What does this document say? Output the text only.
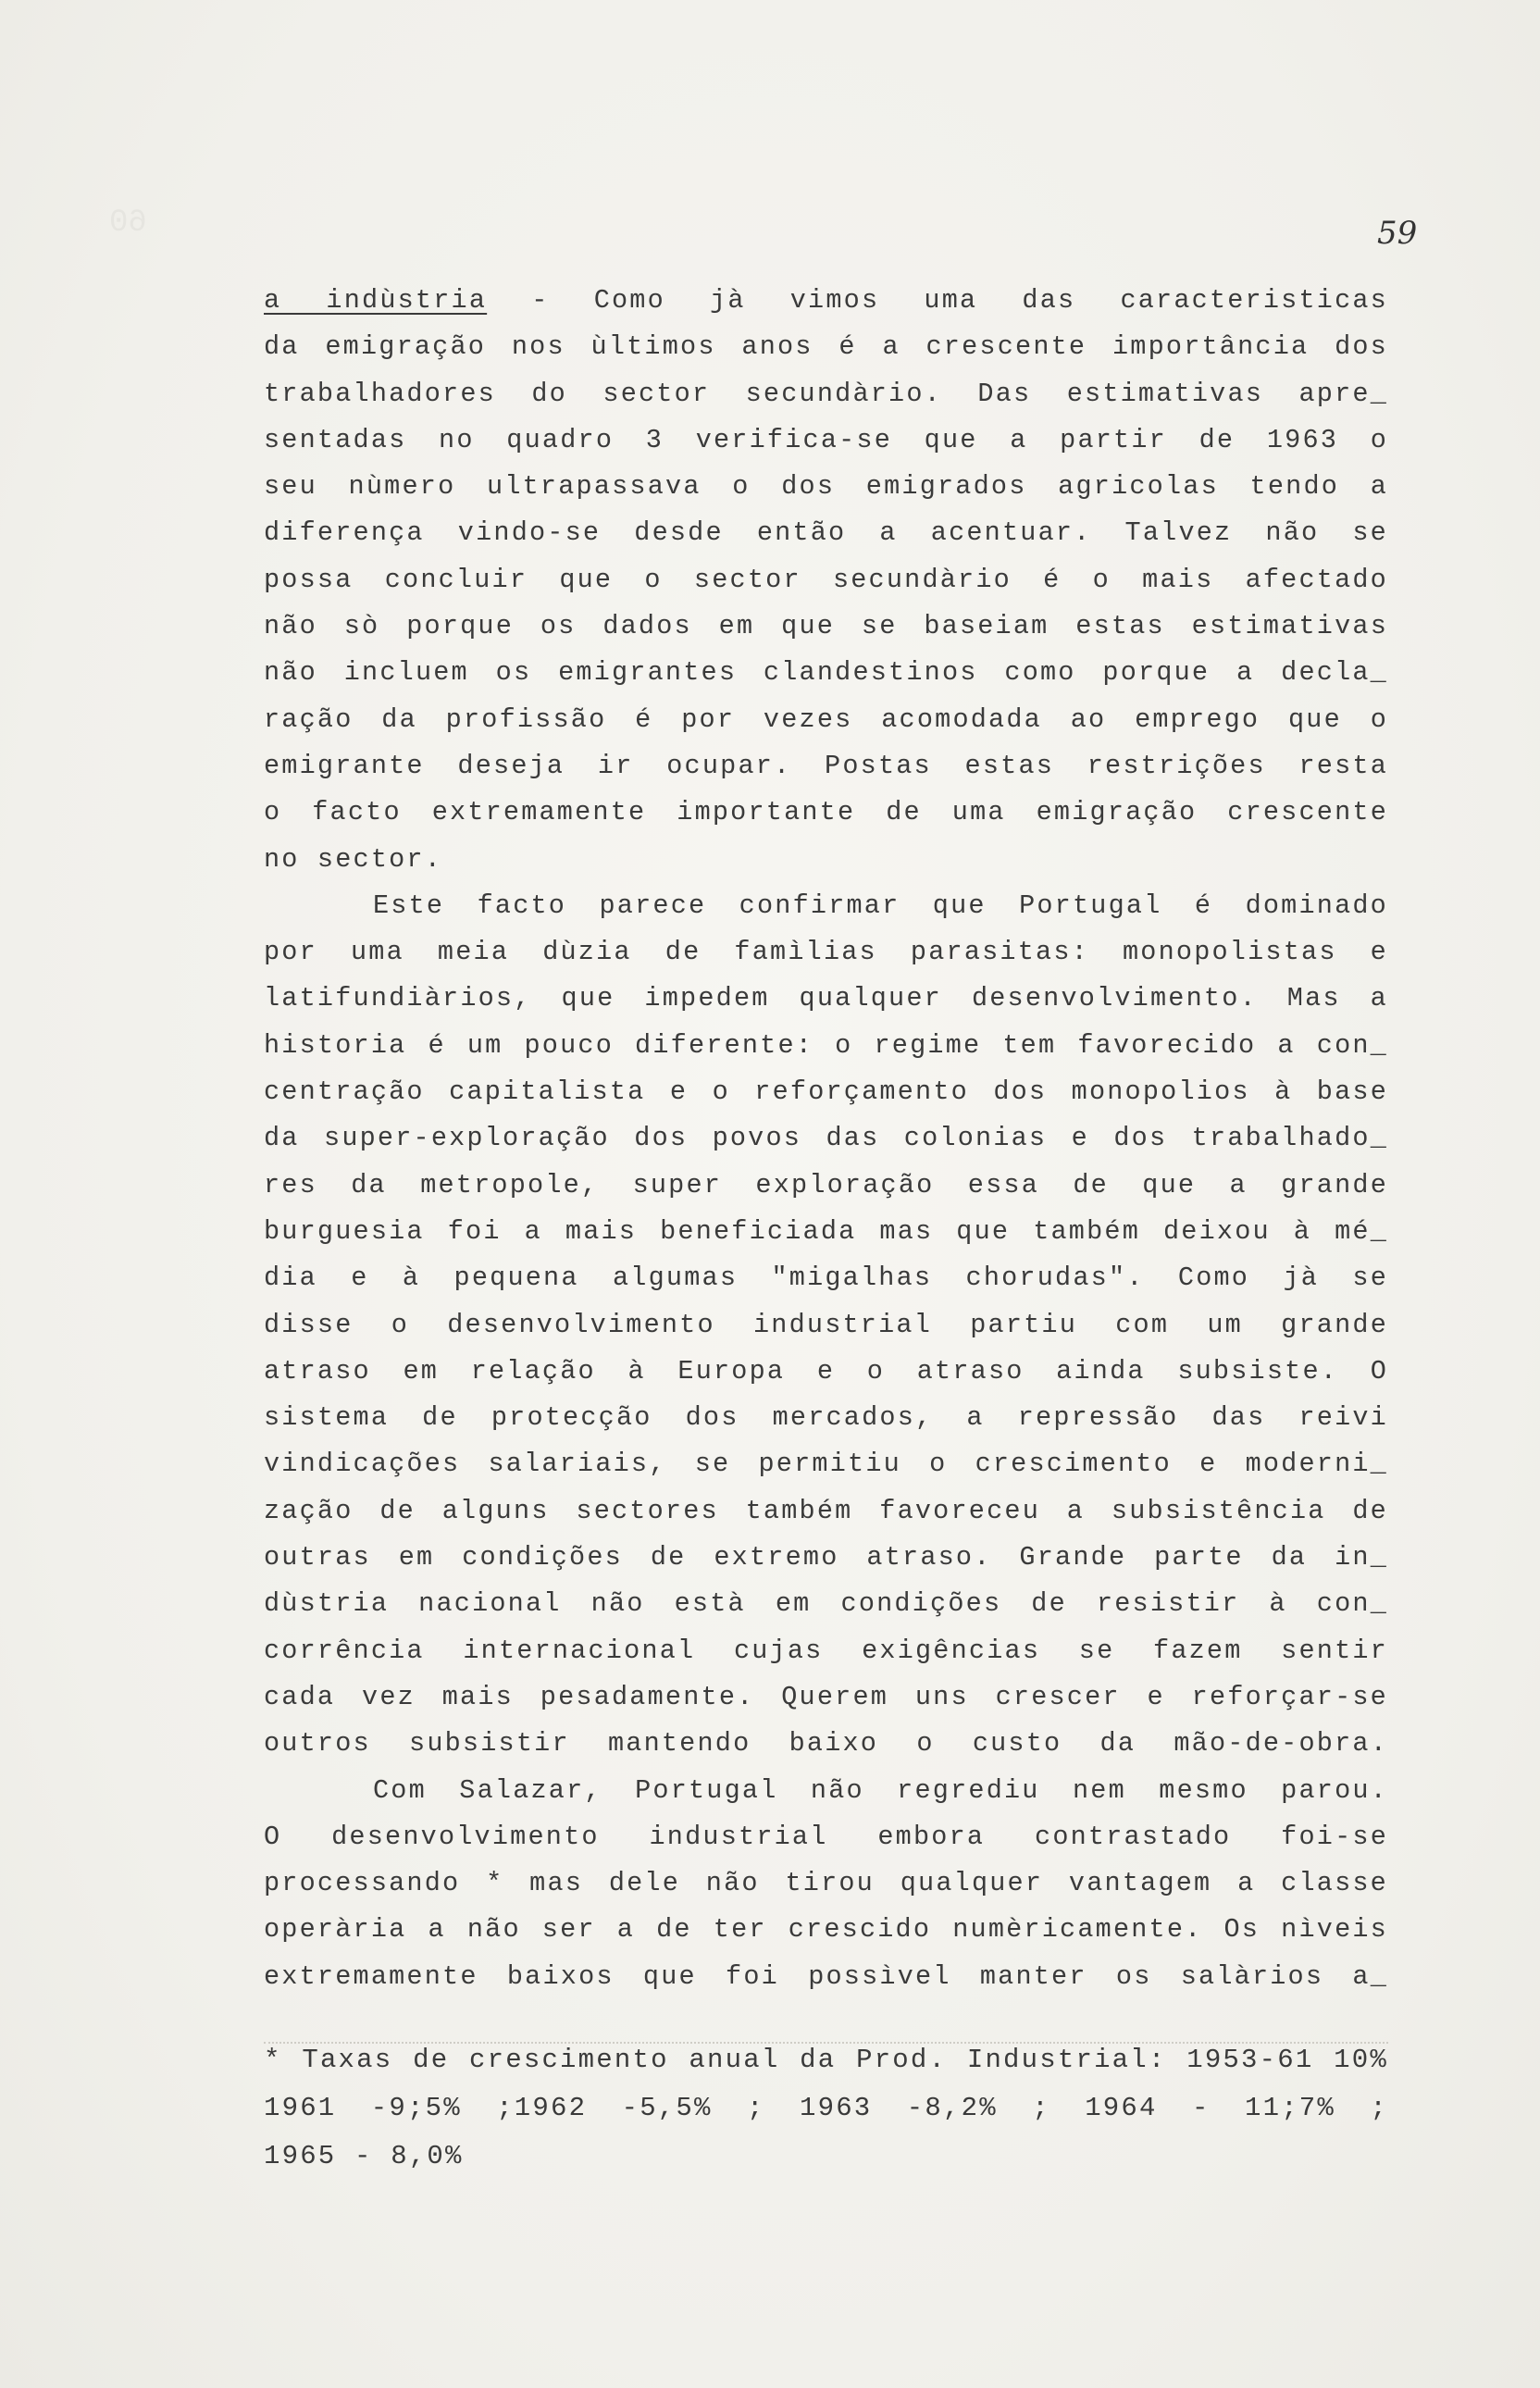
60	59
a indùstria - Como jà vimos uma das caracteristicas
da emigração nos ùltimos anos é a crescente importância dos
trabalhadores do sector secundàrio. Das estimativas apre_
sentadas no quadro 3 verifica-se que a partir de 1963 o
seu nùmero ultrapassava o dos emigrados agricolas tendo a
diferença vindo-se desde então a acentuar. Talvez não se
possa concluir que o sector secundàrio é o mais afectado
não sò porque os dados em que se baseiam estas estimativas
não incluem os emigrantes clandestinos como porque a decla_
ração da profissão é por vezes acomodada ao emprego que o
emigrante deseja ir ocupar. Postas estas restrições resta
o facto extremamente importante de uma emigração crescente
no sector.
Este facto parece confirmar que Portugal é dominado
por uma meia dùzia de famìlias parasitas: monopolistas e
latifundiàrios, que impedem qualquer desenvolvimento. Mas a
historia é um pouco diferente: o regime tem favorecido a con_
centração capitalista e o reforçamento dos monopolios à base
da super-exploração dos povos das colonias e dos trabalhado_
res da metropole, super exploração essa de que a grande
burguesia foi a mais beneficiada mas que também deixou à mé_
dia e à pequena algumas "migalhas chorudas". Como jà se
disse o desenvolvimento industrial partiu com um grande
atraso em relação à Europa e o atraso ainda subsiste. O
sistema de protecção dos mercados, a repressão das reivi
vindicações salariais, se permitiu o crescimento e moderni_
zação de alguns sectores também favoreceu a subsistência de
outras em condições de extremo atraso. Grande parte da in_
dùstria nacional não està em condições de resistir à con_
corrência internacional cujas exigências se fazem sentir
cada vez mais pesadamente. Querem uns crescer e reforçar-se
outros subsistir mantendo baixo o custo da mão-de-obra.
Com Salazar, Portugal não regrediu nem mesmo parou.
O desenvolvimento industrial embora contrastado foi-se
processando * mas dele não tirou qualquer vantagem a classe
operària a não ser a de ter crescido numèricamente. Os nìveis
extremamente baixos que foi possìvel manter os salàrios a_
* Taxas de crescimento anual da Prod. Industrial: 1953-61 10%
1961 -9;5% ;1962 -5,5% ; 1963 -8,2% ; 1964 - 11;7% ;
1965 - 8,0%
